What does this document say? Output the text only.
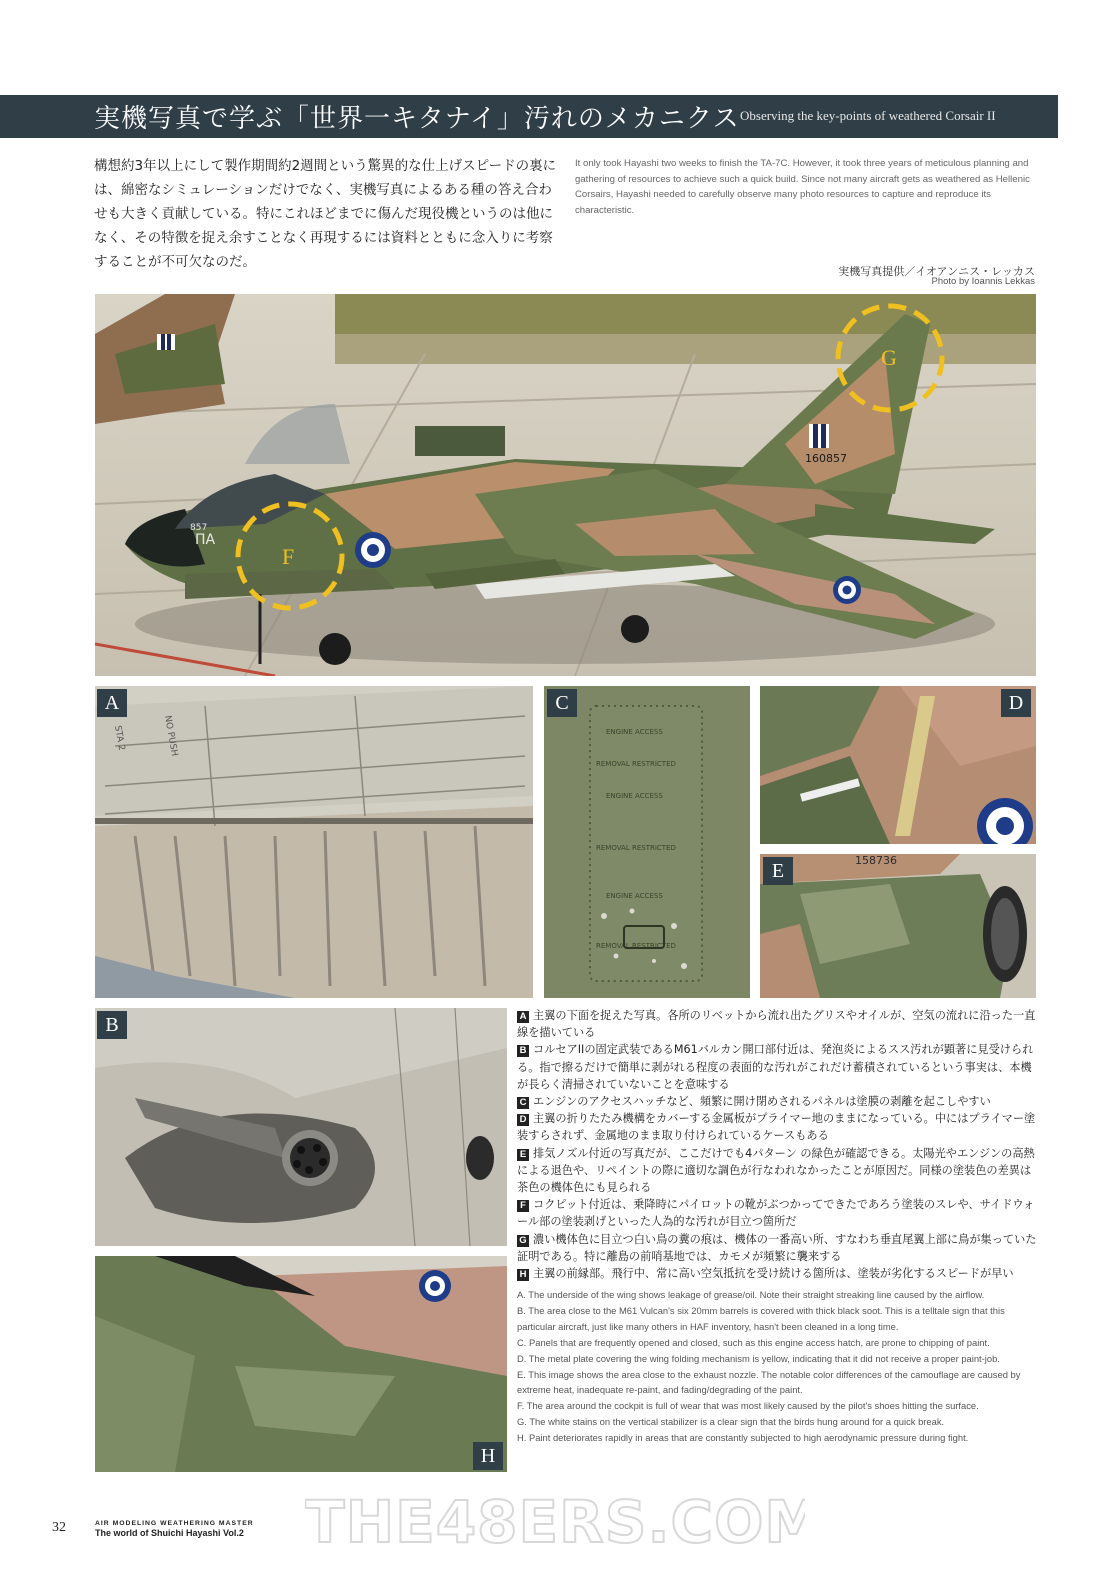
実機写真で学ぶ「世界一キタナイ」汚れのメカニクス Observing the key-points of weathered Corsair II
構想約3年以上にして製作期間約2週間という驚異的な仕上げスピードの裏には、綿密なシミュレーションだけでなく、実機写真によるある種の答え合わせも大きく貢献している。特にこれほどまでに傷んだ現役機というのは他になく、その特徴を捉え余すことなく再現するには資料とともに念入りに考察することが不可欠なのだ。
It only took Hayashi two weeks to finish the TA-7C. However, it took three years of meticulous planning and gathering of resources to achieve such a quick build. Since not many aircraft gets as weathered as Hellenic Corsairs, Hayashi needed to carefully observe many photo resources to capture and reproduce its characteristic.
実機写真提供／イオアンニス・レッカス
Photo by Ioannis Lekkas
160857
ΠΑ
857
F
G
NO PUSH
STA 2
A
ENGINE ACCESS
REMOVAL RESTRICTED
ENGINE ACCESS
REMOVAL RESTRICTED
ENGINE ACCESS
REMOVAL RESTRICTED
C	D
158736
E
B
H

A 主翼の下面を捉えた写真。各所のリベットから流れ出たグリスやオイルが、空気の流れに沿った一直線を描いている

B コルセアIIの固定武装であるM61バルカン開口部付近は、発泡炎によるスス汚れが顕著に見受けられる。指で擦るだけで簡単に剥がれる程度の表面的な汚れがこれだけ蓄積されているという事実は、本機が長らく清掃されていないことを意味する

C エンジンのアクセスハッチなど、頻繁に開け閉めされるパネルは塗膜の剥離を起こしやすい

D 主翼の折りたたみ機構をカバーする金属板がプライマー地のままになっている。中にはプライマー塗装すらされず、金属地のまま取り付けられているケースもある

E 排気ノズル付近の写真だが、ここだけでも4パターン の緑色が確認できる。太陽光やエンジンの高熱による退色や、リペイントの際に適切な調色が行なわれなかったことが原因だ。同様の塗装色の差異は茶色の機体色にも見られる

F コクピット付近は、乗降時にパイロットの靴がぶつかってできたであろう塗装のスレや、サイドウォール部の塗装剥げといった人為的な汚れが目立つ箇所だ

G 濃い機体色に目立つ白い鳥の糞の痕は、機体の一番高い所、すなわち垂直尾翼上部に鳥が集っていた証明である。特に離島の前哨基地では、カモメが頻繁に襲来する

H 主翼の前縁部。飛行中、常に高い空気抵抗を受け続ける箇所は、塗装が劣化するスピードが早い

A. The underside of the wing shows leakage of grease/oil. Note their straight streaking line caused by the airflow.

B. The area close to the M61 Vulcan's six 20mm barrels is covered with thick black soot. This is a telltale sign that this particular aircraft, just like many others in HAF inventory, hasn't been cleaned in a long time.

C. Panels that are frequently opened and closed, such as this engine access hatch, are prone to chipping of paint.

D. The metal plate covering the wing folding mechanism is yellow, indicating that it did not receive a proper paint-job.

E. This image shows the area close to the exhaust nozzle. The notable color differences of the camouflage are caused by extreme heat, inadequate re-paint, and fading/degrading of the paint.

F. The area around the cockpit is full of wear that was most likely caused by the pilot's shoes hitting the surface.

G. The white stains on the vertical stabilizer is a clear sign that the birds hung around for a quick break.

H. Paint deteriorates rapidly in areas that are constantly subjected to high aerodynamic pressure during fight.

32	AIR MODELING WEATHERING MASTER
The world of Shuichi Hayashi Vol.2 THE48ERS.COM
